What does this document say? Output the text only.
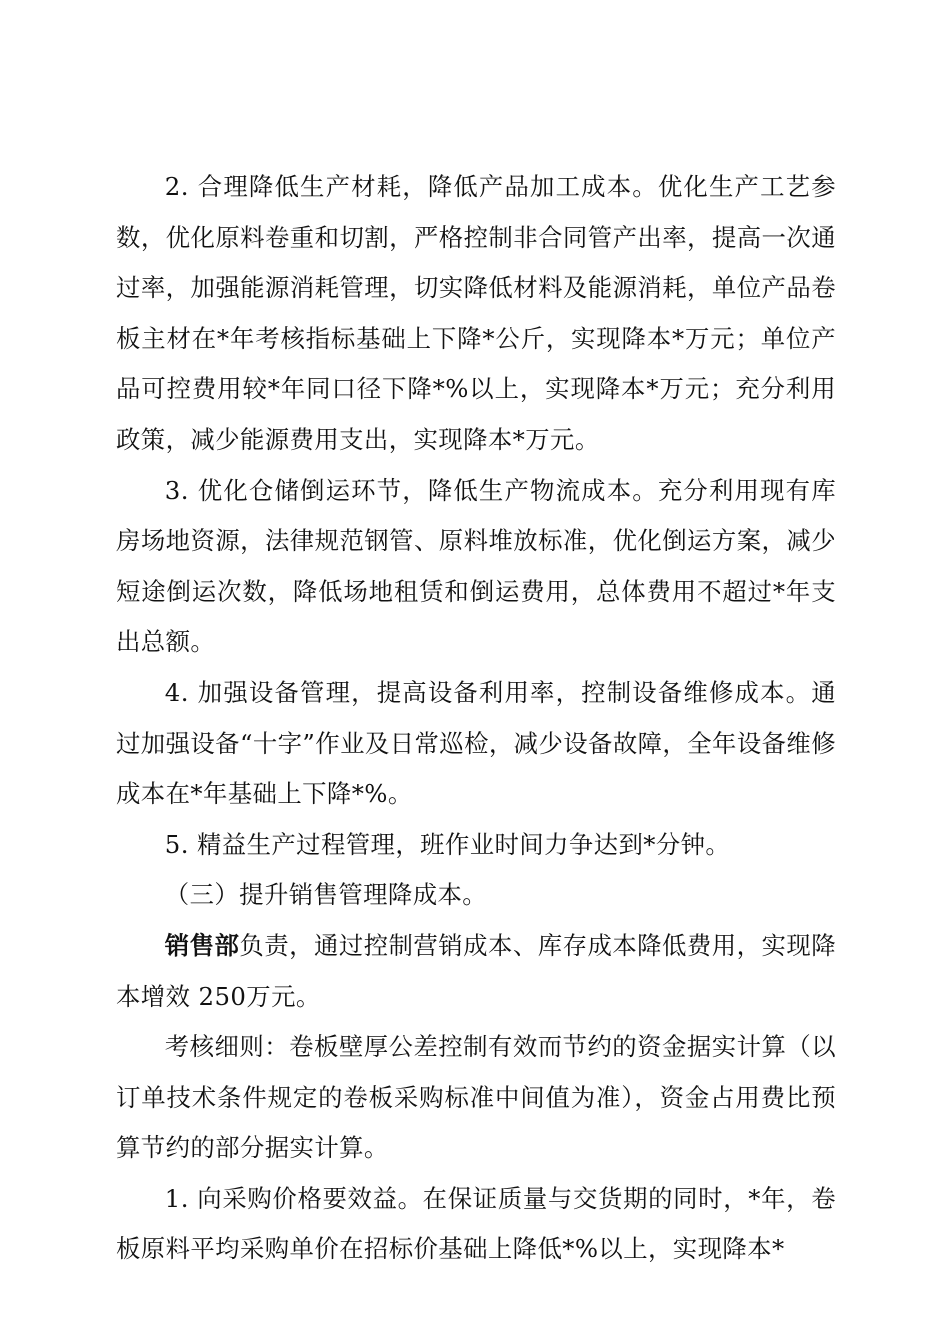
2. 合理降低生产材耗，降低产品加工成本。优化生产工艺参数，优化原料卷重和切割，严格控制非合同管产出率，提高一次通过率，加强能源消耗管理，切实降低材料及能源消耗，单位产品卷板主材在*年考核指标基础上下降*公斤，实现降本*万元；单位产品可控费用较*年同口径下降*%以上，实现降本*万元；充分利用政策，减少能源费用支出，实现降本*万元。

3. 优化仓储倒运环节，降低生产物流成本。充分利用现有库房场地资源，法律规范钢管、原料堆放标准，优化倒运方案，减少短途倒运次数，降低场地租赁和倒运费用，总体费用不超过*年支出总额。

4. 加强设备管理，提高设备利用率，控制设备维修成本。通过加强设备“十字”作业及日常巡检，减少设备故障，全年设备维修成本在*年基础上下降*%。

5. 精益生产过程管理，班作业时间力争达到*分钟。

（三）提升销售管理降成本。

销售部负责，通过控制营销成本、库存成本降低费用，实现降本增效 250万元。

考核细则：卷板壁厚公差控制有效而节约的资金据实计算（以订单技术条件规定的卷板采购标准中间值为准），资金占用费比预算节约的部分据实计算。

1. 向采购价格要效益。在保证质量与交货期的同时，*年，卷板原料平均采购单价在招标价基础上降低*%以上，实现降本*
